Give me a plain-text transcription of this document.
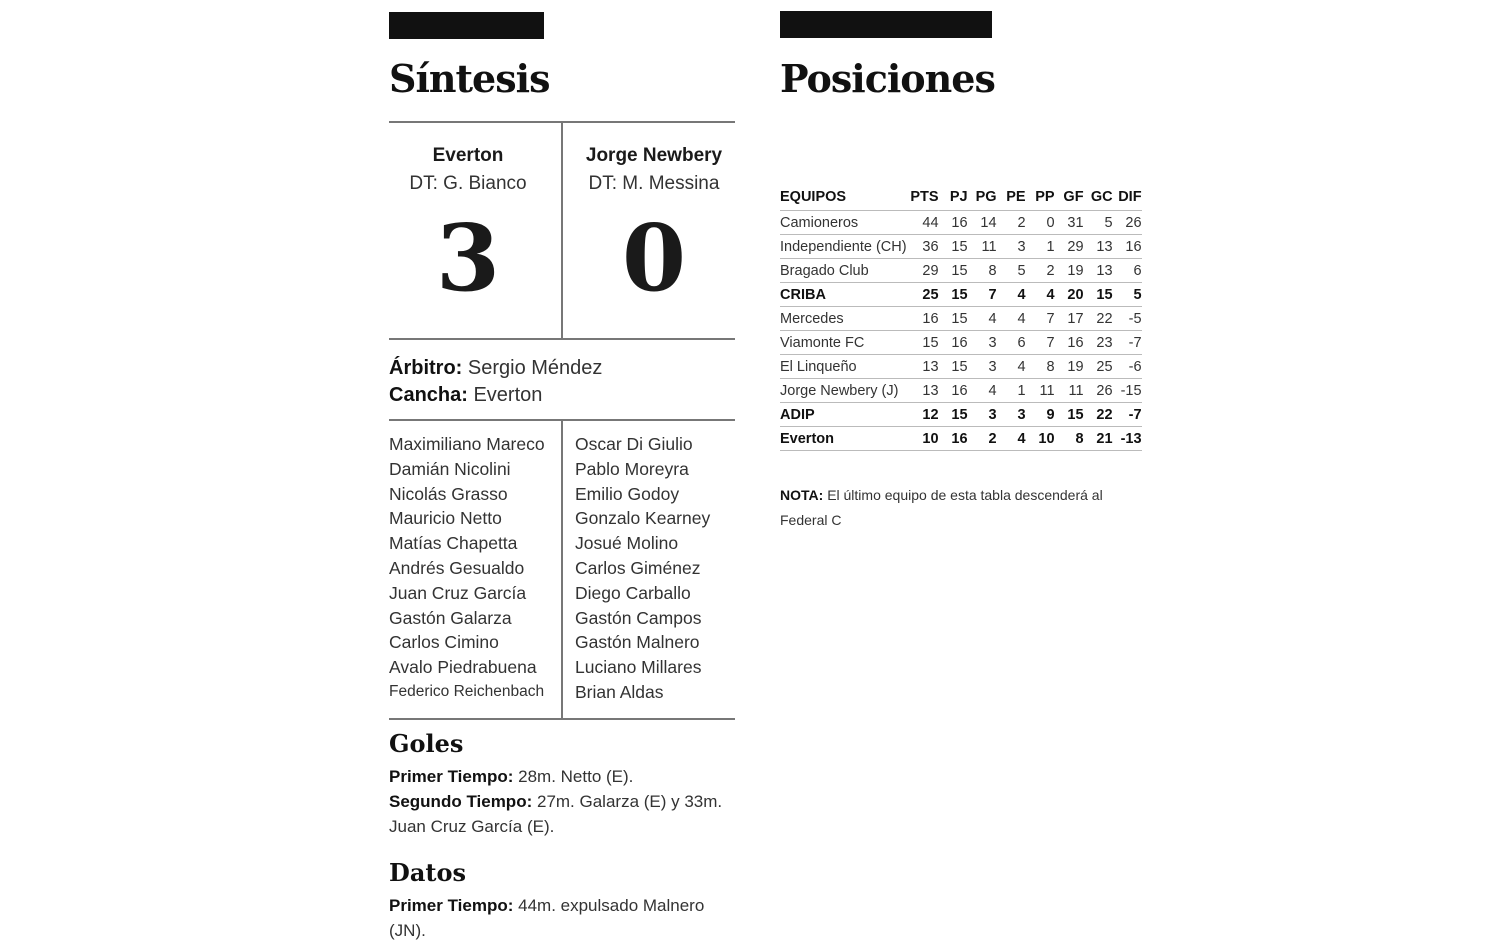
Síntesis
Everton
DT: G. Bianco
3
Jorge Newbery
DT: M. Messina
0
Árbitro: Sergio Méndez
Cancha: Everton
Maximiliano Mareco
Damián Nicolini
Nicolás Grasso
Mauricio Netto
Matías Chapetta
Andrés Gesualdo
Juan Cruz García
Gastón Galarza
Carlos Cimino
Avalo Piedrabuena
Federico Reichenbach
Oscar Di Giulio
Pablo Moreyra
Emilio Godoy
Gonzalo Kearney
Josué Molino
Carlos Giménez
Diego Carballo
Gastón Campos
Gastón Malnero
Luciano Millares
Brian Aldas
Goles
Primer Tiempo: 28m. Netto (E).
Segundo Tiempo: 27m. Galarza (E) y 33m. Juan Cruz García (E).
Datos
Primer Tiempo: 44m. expulsado Malnero (JN).
Posiciones
EQUIPOS	PTS	PJ	PG	PE	PP	GF	GC	DIF
Camioneros	44	16	14	2	0	31	5	26
Independiente (CH)	36	15	11	3	1	29	13	16
Bragado Club	29	15	8	5	2	19	13	6
CRIBA	25	15	7	4	4	20	15	5
Mercedes	16	15	4	4	7	17	22	-5
Viamonte FC	15	16	3	6	7	16	23	-7
El Linqueño	13	15	3	4	8	19	25	-6
Jorge Newbery (J)	13	16	4	1	11	11	26	-15
ADIP	12	15	3	3	9	15	22	-7
Everton	10	16	2	4	10	8	21	-13
NOTA: El último equipo de esta tabla descenderá al Federal C
